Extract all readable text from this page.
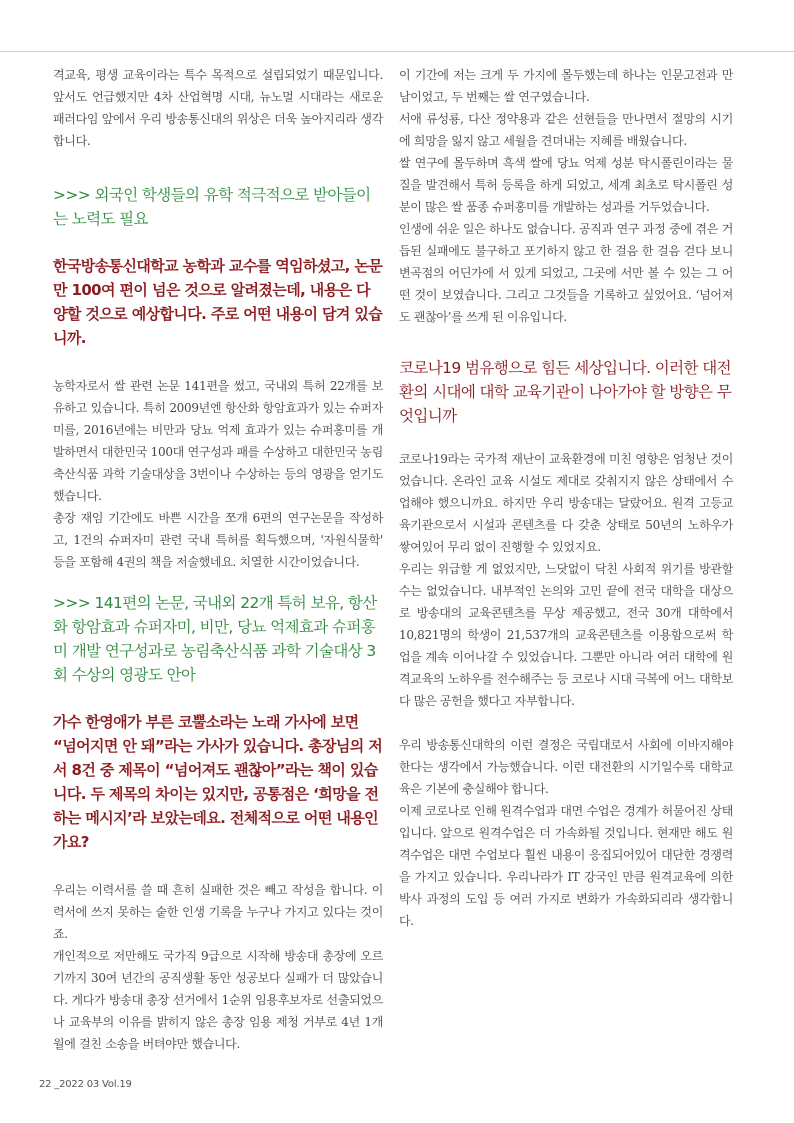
격교육, 평생 교육이라는 특수 목적으로 설립되었기 때문입니다. 앞서도 언급했지만 4차 산업혁명 시대, 뉴노멀 시대라는 새로운 패러다임 앞에서 우리 방송통신대의 위상은 더욱 높아지리라 생각합니다.

>>> 외국인 학생들의 유학 적극적으로 받아들이는 노력도 필요
한국방송통신대학교 농학과 교수를 역임하셨고, 논문만 100여 편이 넘은 것으로 알려졌는데, 내용은 다양할 것으로 예상합니다. 주로 어떤 내용이 담겨 있습니까.

농학자로서 쌀 관련 논문 141편을 썼고, 국내외 특허 22개를 보유하고 있습니다. 특히 2009년엔 항산화 항암효과가 있는 슈퍼자미를, 2016년에는 비만과 당뇨 억제 효과가 있는 슈퍼홍미를 개발하면서 대한민국 100대 연구성과 패를 수상하고 대한민국 농림축산식품 과학 기술대상을 3번이나 수상하는 등의 영광을 얻기도 했습니다.

총장 재임 기간에도 바쁜 시간을 쪼개 6편의 연구논문을 작성하고, 1건의 슈퍼자미 관련 국내 특허를 획득했으며, '자원식물학' 등을 포함해 4권의 책을 저술했네요. 치열한 시간이었습니다.

>>> 141편의 논문, 국내외 22개 특허 보유, 항산화 항암효과 슈퍼자미, 비만, 당뇨 억제효과 슈퍼홍미 개발 연구성과로 농림축산식품 과학 기술대상 3회 수상의 영광도 안아
가수 한영애가 부른 코뿔소라는 노래 가사에 보면 “넘어지면 안 돼”라는 가사가 있습니다. 총장님의 저서 8건 중 제목이 “넘어져도 괜찮아”라는 책이 있습니다. 두 제목의 차이는 있지만, 공통점은 ‘희망을 전하는 메시지’라 보았는데요. 전체적으로 어떤 내용인가요?

우리는 이력서를 쓸 때 흔히 실패한 것은 빼고 작성을 합니다. 이력서에 쓰지 못하는 숱한 인생 기록을 누구나 가지고 있다는 것이죠.

개인적으로 저만해도 국가직 9급으로 시작해 방송대 총장에 오르기까지 30여 년간의 공직생활 동안 성공보다 실패가 더 많았습니다. 게다가 방송대 총장 선거에서 1순위 임용후보자로 선출되었으나 교육부의 이유를 밝히지 않은 총장 임용 제청 거부로 4년 1개월에 걸친 소송을 버텨야만 했습니다.

이 기간에 저는 크게 두 가지에 몰두했는데 하나는 인문고전과 만남이었고, 두 번째는 쌀 연구였습니다.

서애 류성룡, 다산 정약용과 같은 선현들을 만나면서 절망의 시기에 희망을 잃지 않고 세월을 견뎌내는 지혜를 배웠습니다.

쌀 연구에 몰두하며 흑색 쌀에 당뇨 억제 성분 탁시폴린이라는 물질을 발견해서 특허 등록을 하게 되었고, 세계 최초로 탁시폴린 성분이 많은 쌀 품종 슈퍼홍미를 개발하는 성과를 거두었습니다.

인생에 쉬운 일은 하나도 없습니다. 공직과 연구 과정 중에 겪은 거듭된 실패에도 불구하고 포기하지 않고 한 걸음 한 걸음 걷다 보니 변곡점의 어딘가에 서 있게 되었고, 그곳에 서만 볼 수 있는 그 어떤 것이 보였습니다. 그리고 그것들을 기록하고 싶었어요. ‘넘어져도 괜찮아’를 쓰게 된 이유입니다.

코로나19 범유행으로 힘든 세상입니다. 이러한 대전환의 시대에 대학 교육기관이 나아가야 할 방향은 무엇입니까

코로나19라는 국가적 재난이 교육환경에 미친 영향은 엄청난 것이었습니다. 온라인 교육 시설도 제대로 갖춰지지 않은 상태에서 수업해야 했으니까요. 하지만 우리 방송대는 달랐어요. 원격 고등교육기관으로서 시설과 콘텐츠를 다 갖춘 상태로 50년의 노하우가 쌓여있어 무리 없이 진행할 수 있었지요.

우리는 위급할 게 없었지만, 느닷없이 닥친 사회적 위기를 방관할 수는 없었습니다. 내부적인 논의와 고민 끝에 전국 대학을 대상으로 방송대의 교육콘텐츠를 무상 제공했고, 전국 30개 대학에서 10,821명의 학생이 21,537개의 교육콘텐츠를 이용함으로써 학업을 계속 이어나갈 수 있었습니다. 그뿐만 아니라 여러 대학에 원격교육의 노하우를 전수해주는 등 코로나 시대 극복에 어느 대학보다 많은 공헌을 했다고 자부합니다.

우리 방송통신대학의 이런 결정은 국립대로서 사회에 이바지해야 한다는 생각에서 가능했습니다. 이런 대전환의 시기일수록 대학교육은 기본에 충실해야 합니다.

이제 코로나로 인해 원격수업과 대면 수업은 경계가 허물어진 상태입니다. 앞으로 원격수업은 더 가속화될 것입니다. 현재만 해도 원격수업은 대면 수업보다 훨씬 내용이 응집되어있어 대단한 경쟁력을 가지고 있습니다. 우리나라가 IT 강국인 만큼 원격교육에 의한 박사 과정의 도입 등 여러 가지로 변화가 가속화되리라 생각합니다.

22 _2022 03 Vol.19
